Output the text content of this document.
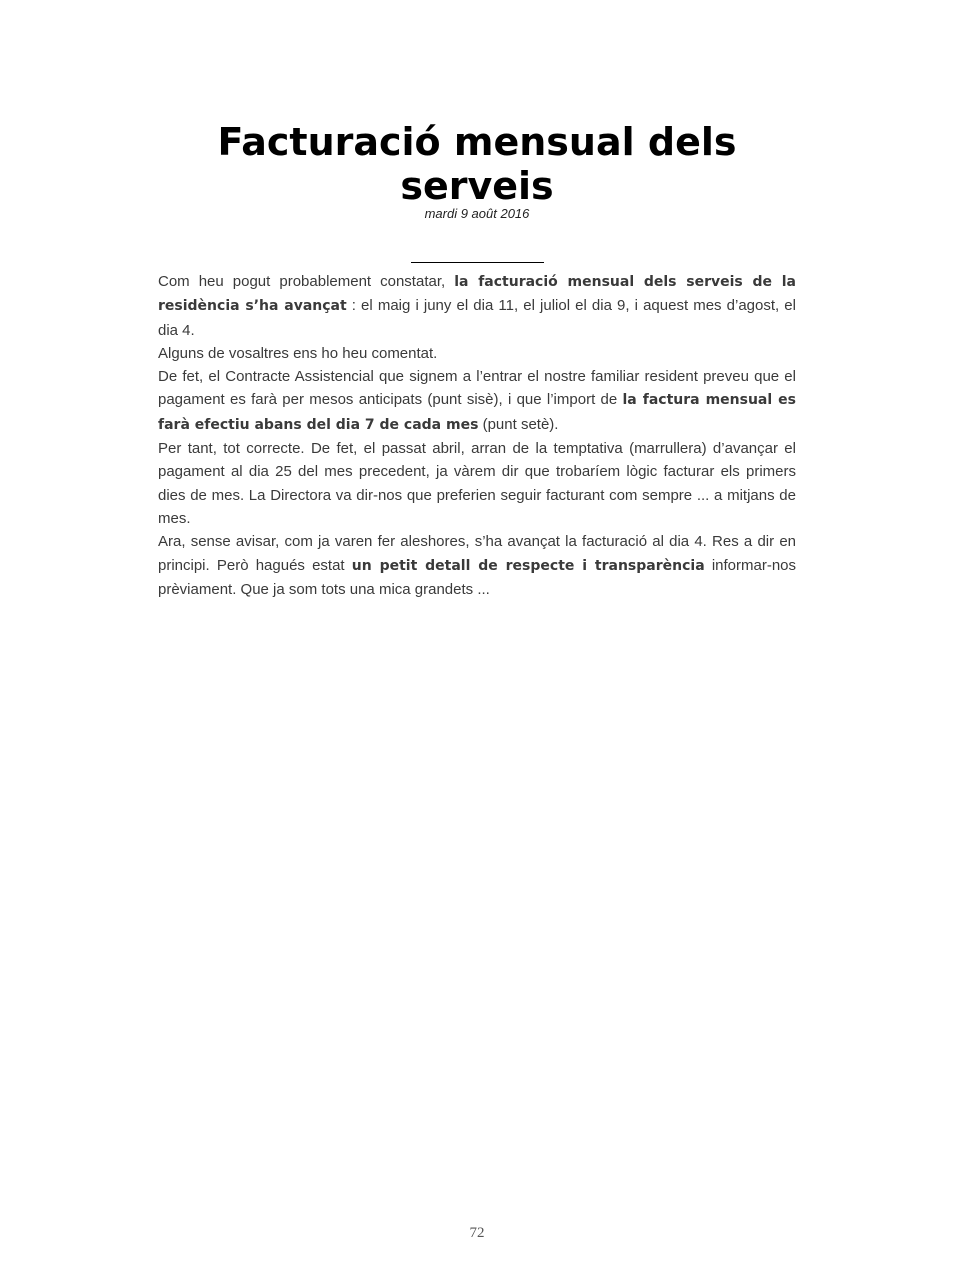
Facturació mensual dels serveis
mardi 9 août 2016

Com heu pogut probablement constatar, la facturació mensual dels serveis de la residència s’ha avançat : el maig i juny el dia 11, el juliol el dia 9, i aquest mes d’agost, el dia 4.

Alguns de vosaltres ens ho heu comentat.

De fet, el Contracte Assistencial que signem a l’entrar el nostre familiar resident preveu que el pagament es farà per mesos anticipats (punt sisè), i que l’import de la factura mensual es farà efectiu abans del dia 7 de cada mes (punt setè).

Per tant, tot correcte. De fet, el passat abril, arran de la temptativa (marrullera) d’avançar el pagament al dia 25 del mes precedent, ja vàrem dir que trobaríem lògic facturar els primers dies de mes. La Directora va dir-nos que preferien seguir facturant com sempre ... a mitjans de mes.

Ara, sense avisar, com ja varen fer aleshores, s’ha avançat la facturació al dia 4. Res a dir en principi. Però hagués estat un petit detall de respecte i transparència informar-nos prèviament. Que ja som tots una mica grandets ...

72
